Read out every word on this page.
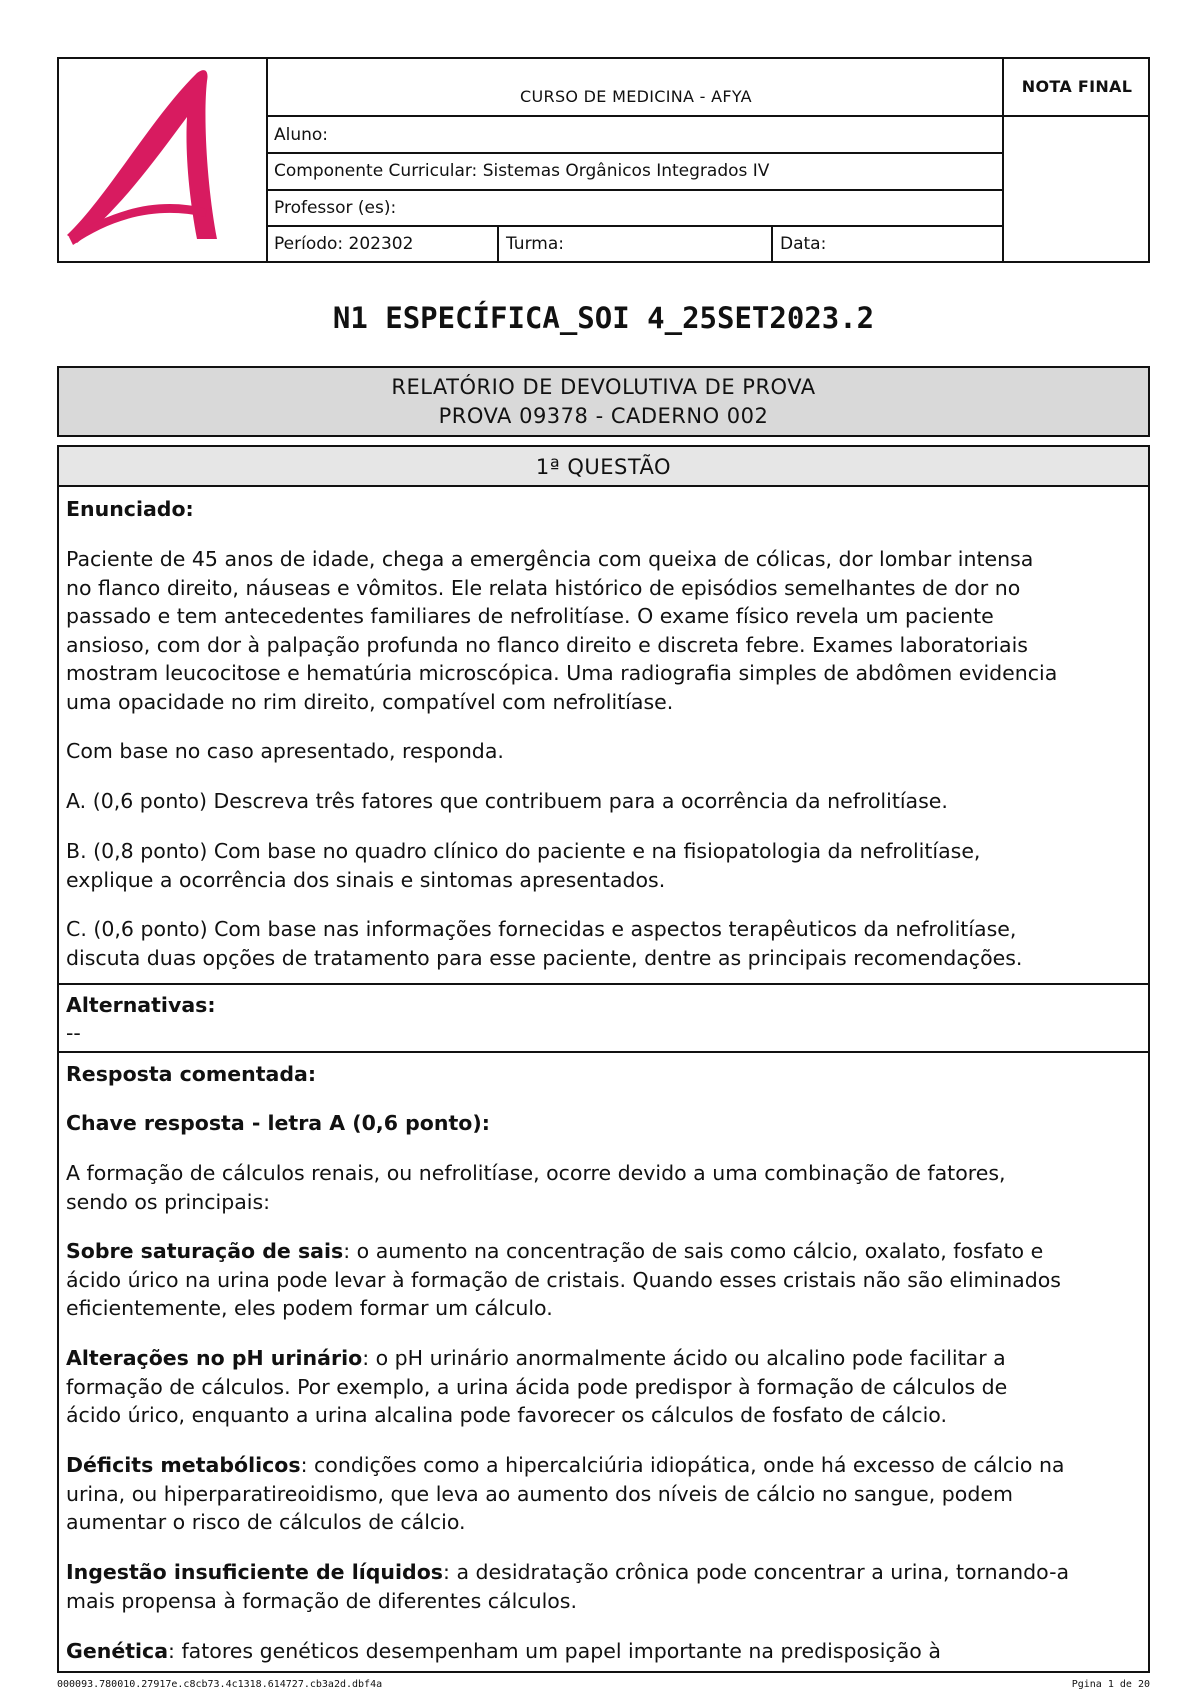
CURSO DE MEDICINA - AFYA
NOTA FINAL
Aluno:
Componente Curricular: Sistemas Orgânicos Integrados IV
Professor (es):
Período: 202302	Turma:	Data:
N1 ESPECÍFICA_SOI 4_25SET2023.2
RELATÓRIO DE DEVOLUTIVA DE PROVA
PROVA 09378 - CADERNO 002
1ª QUESTÃO
Enunciado:
Paciente de 45 anos de idade, chega a emergência com queixa de cólicas, dor lombar intensa
no flanco direito, náuseas e vômitos. Ele relata histórico de episódios semelhantes de dor no
passado e tem antecedentes familiares de nefrolitíase. O exame físico revela um paciente
ansioso, com dor à palpação profunda no flanco direito e discreta febre. Exames laboratoriais
mostram leucocitose e hematúria microscópica. Uma radiografia simples de abdômen evidencia
uma opacidade no rim direito, compatível com nefrolitíase.
Com base no caso apresentado, responda.
A. (0,6 ponto) Descreva três fatores que contribuem para a ocorrência da nefrolitíase.
B. (0,8 ponto) Com base no quadro clínico do paciente e na fisiopatologia da nefrolitíase,
explique a ocorrência dos sinais e sintomas apresentados.
C. (0,6 ponto) Com base nas informações fornecidas e aspectos terapêuticos da nefrolitíase,
discuta duas opções de tratamento para esse paciente, dentre as principais recomendações.
Alternativas:
--
Resposta comentada:
Chave resposta - letra A (0,6 ponto):
A formação de cálculos renais, ou nefrolitíase, ocorre devido a uma combinação de fatores,
sendo os principais:
Sobre saturação de sais: o aumento na concentração de sais como cálcio, oxalato, fosfato e
ácido úrico na urina pode levar à formação de cristais. Quando esses cristais não são eliminados
eficientemente, eles podem formar um cálculo.
Alterações no pH urinário: o pH urinário anormalmente ácido ou alcalino pode facilitar a
formação de cálculos. Por exemplo, a urina ácida pode predispor à formação de cálculos de
ácido úrico, enquanto a urina alcalina pode favorecer os cálculos de fosfato de cálcio.
Déficits metabólicos: condições como a hipercalciúria idiopática, onde há excesso de cálcio na
urina, ou hiperparatireoidismo, que leva ao aumento dos níveis de cálcio no sangue, podem
aumentar o risco de cálculos de cálcio.
Ingestão insuficiente de líquidos: a desidratação crônica pode concentrar a urina, tornando-a
mais propensa à formação de diferentes cálculos.
Genética: fatores genéticos desempenham um papel importante na predisposição à
000093.780010.27917e.c8cb73.4c1318.614727.cb3a2d.dbf4a	Pgina 1 de 20
